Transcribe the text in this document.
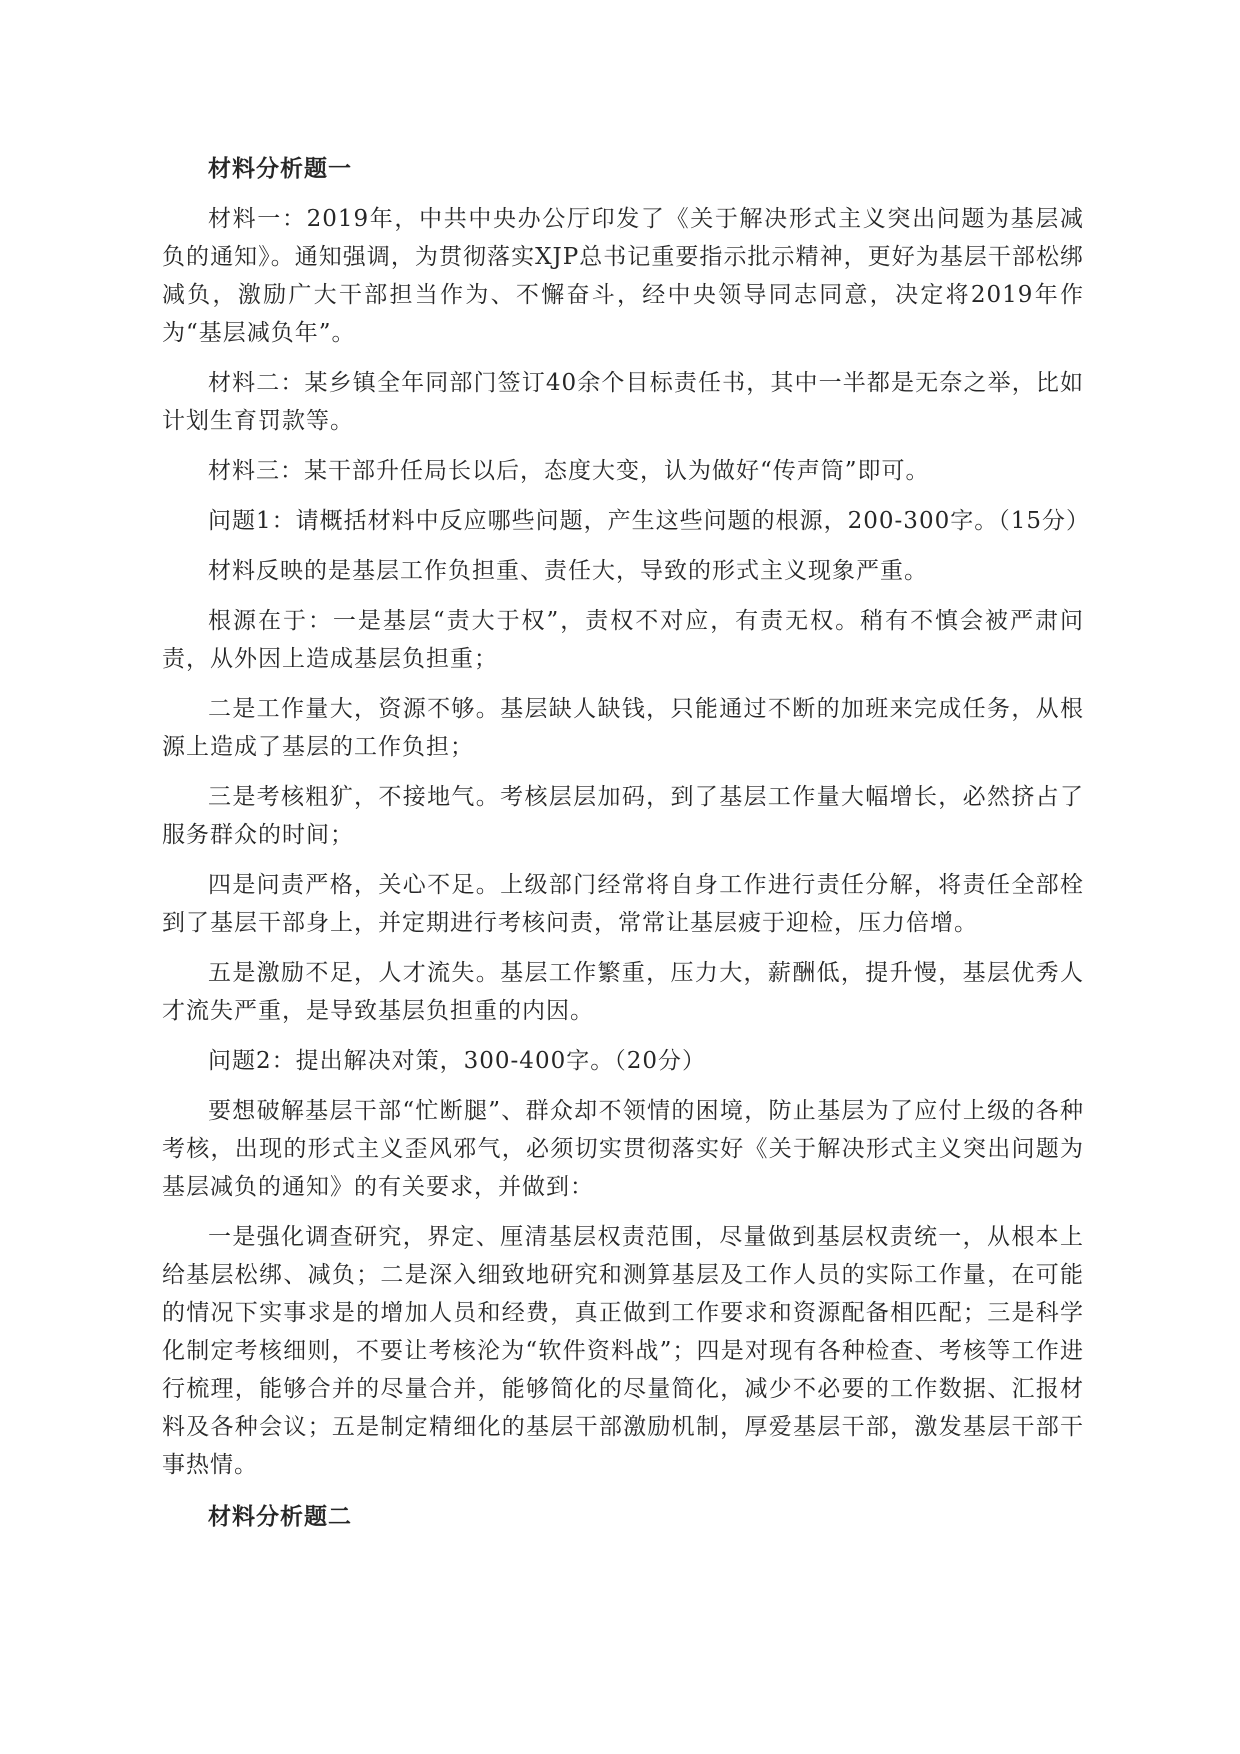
材料分析题一

材料一：2019年，中共中央办公厅印发了《关于解决形式主义突出问题为基层减负的通知》。通知强调，为贯彻落实XJP总书记重要指示批示精神，更好为基层干部松绑减负，激励广大干部担当作为、不懈奋斗，经中央领导同志同意，决定将2019年作为“基层减负年”。

材料二：某乡镇全年同部门签订40余个目标责任书，其中一半都是无奈之举，比如计划生育罚款等。

材料三：某干部升任局长以后，态度大变，认为做好“传声筒”即可。

问题1：请概括材料中反应哪些问题，产生这些问题的根源，200-300字。（15分）

材料反映的是基层工作负担重、责任大，导致的形式主义现象严重。

根源在于：一是基层“责大于权”，责权不对应，有责无权。稍有不慎会被严肃问责，从外因上造成基层负担重；

二是工作量大，资源不够。基层缺人缺钱，只能通过不断的加班来完成任务，从根源上造成了基层的工作负担；

三是考核粗犷，不接地气。考核层层加码，到了基层工作量大幅增长，必然挤占了服务群众的时间；

四是问责严格，关心不足。上级部门经常将自身工作进行责任分解，将责任全部栓到了基层干部身上，并定期进行考核问责，常常让基层疲于迎检，压力倍增。

五是激励不足，人才流失。基层工作繁重，压力大，薪酬低，提升慢，基层优秀人才流失严重，是导致基层负担重的内因。

问题2：提出解决对策，300-400字。（20分）

要想破解基层干部“忙断腿”、群众却不领情的困境，防止基层为了应付上级的各种考核，出现的形式主义歪风邪气，必须切实贯彻落实好《关于解决形式主义突出问题为基层减负的通知》的有关要求，并做到：

一是强化调查研究，界定、厘清基层权责范围，尽量做到基层权责统一，从根本上给基层松绑、减负；二是深入细致地研究和测算基层及工作人员的实际工作量，在可能的情况下实事求是的增加人员和经费，真正做到工作要求和资源配备相匹配；三是科学化制定考核细则，不要让考核沦为“软件资料战”；四是对现有各种检查、考核等工作进行梳理，能够合并的尽量合并，能够简化的尽量简化，减少不必要的工作数据、汇报材料及各种会议；五是制定精细化的基层干部激励机制，厚爱基层干部，激发基层干部干事热情。

材料分析题二
